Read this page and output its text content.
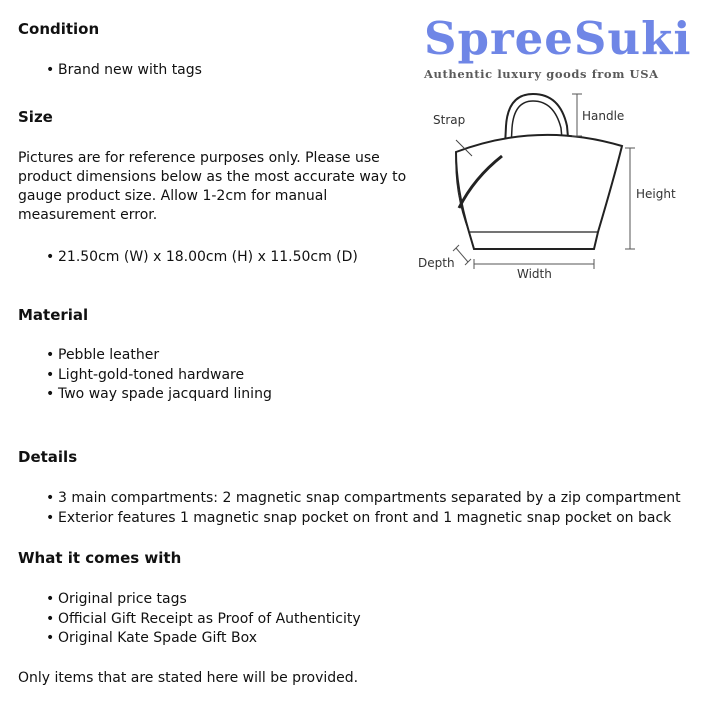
SpreeSuki
Authentic luxury goods from USA
Condition
• Brand new with tags
Size

Pictures are for reference purposes only. Please use product dimensions below as the most accurate way to gauge product size. Allow 1-2cm for manual measurement error.

• 21.50cm (W) x 18.00cm (H) x 11.50cm (D)
Strap	Handle
Height
Depth
Width
Material
• Pebble leather
• Light-gold-toned hardware
• Two way spade jacquard lining
Details
• 3 main compartments: 2 magnetic snap compartments separated by a zip compartment
• Exterior features 1 magnetic snap pocket on front and 1 magnetic snap pocket on back
What it comes with
• Original price tags
• Official Gift Receipt as Proof of Authenticity
• Original Kate Spade Gift Box

Only items that are stated here will be provided.
